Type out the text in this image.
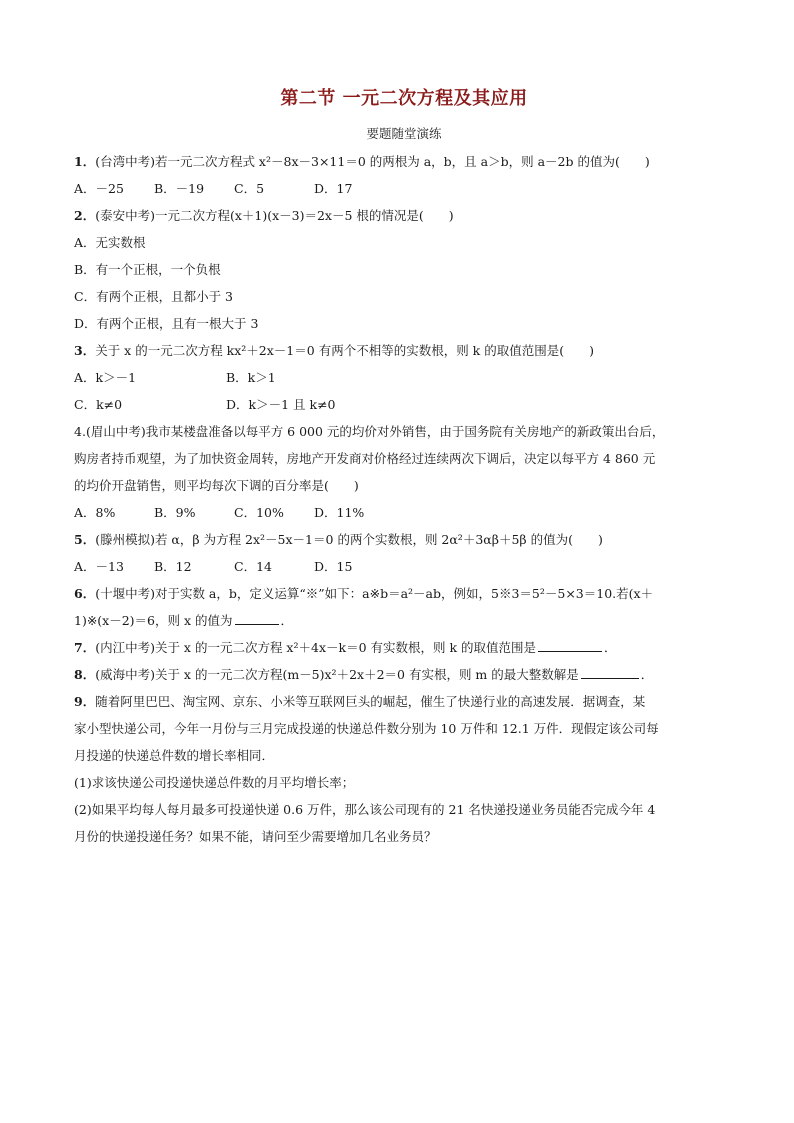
第二节 一元二次方程及其应用
要题随堂演练
1．(台湾中考)若一元二次方程式 x²－8x－3×11＝0 的两根为 a，b，且 a＞b，则 a－2b 的值为(　　)
A．－25 B．－19 C．5	D．17
2．(泰安中考)一元二次方程(x＋1)(x－3)＝2x－5 根的情况是(　　)
A．无实数根
B．有一个正根，一个负根
C．有两个正根，且都小于 3
D．有两个正根，且有一根大于 3
3．关于 x 的一元二次方程 kx²＋2x－1＝0 有两个不相等的实数根，则 k 的取值范围是(　　)
A．k＞－1	B．k＞1
C．k≠0	D．k＞－1 且 k≠0
4.(眉山中考)我市某楼盘准备以每平方 6 000 元的均价对外销售，由于国务院有关房地产的新政策出台后，
购房者持币观望，为了加快资金周转，房地产开发商对价格经过连续两次下调后，决定以每平方 4 860 元
的均价开盘销售，则平均每次下调的百分率是(　　)
A．8%	B．9%	C．10% D．11%
5．(滕州模拟)若 α，β 为方程 2x²－5x－1＝0 的两个实数根，则 2α²＋3αβ＋5β 的值为(　　)
A．－13 B．12	C．14	D．15
6．(十堰中考)对于实数 a，b，定义运算“※”如下：a※b＝a²－ab，例如，5※3＝5²－5×3＝10.若(x＋
1)※(x－2)＝6，则 x 的值为	．
7．(内江中考)关于 x 的一元二次方程 x²＋4x－k＝0 有实数根，则 k 的取值范围是	．
8．(威海中考)关于 x 的一元二次方程(m－5)x²＋2x＋2＝0 有实根，则 m 的最大整数解是	．
9．随着阿里巴巴、淘宝网、京东、小米等互联网巨头的崛起，催生了快递行业的高速发展．据调查，某
家小型快递公司，今年一月份与三月完成投递的快递总件数分别为 10 万件和 12.1 万件．现假定该公司每
月投递的快递总件数的增长率相同．
(1)求该快递公司投递快递总件数的月平均增长率；
(2)如果平均每人每月最多可投递快递 0.6 万件，那么该公司现有的 21 名快递投递业务员能否完成今年 4
月份的快递投递任务？如果不能，请问至少需要增加几名业务员？
